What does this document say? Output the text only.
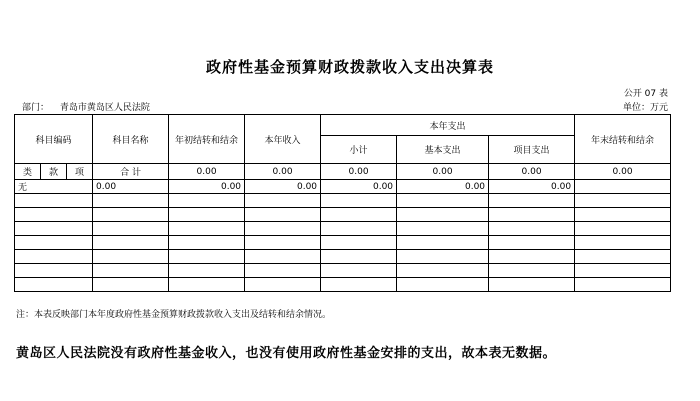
政府性基金预算财政拨款收入支出决算表
公开 07 表
部门： 青岛市黄岛区人民法院	单位：万元
科目编码			科目名称	年初结转和结余	本年收入	本年支出			年末结转和结余
						小计	基本支出	项目支出	
类	款	项	合 计	0.00	0.00	0.00	0.00	0.00	0.00
无			0.00	0.00	0.00	0.00	0.00	0.00	

注：本表反映部门本年度政府性基金预算财政拨款收入支出及结转和结余情况。
黄岛区人民法院没有政府性基金收入，也没有使用政府性基金安排的支出，故本表无数据。
